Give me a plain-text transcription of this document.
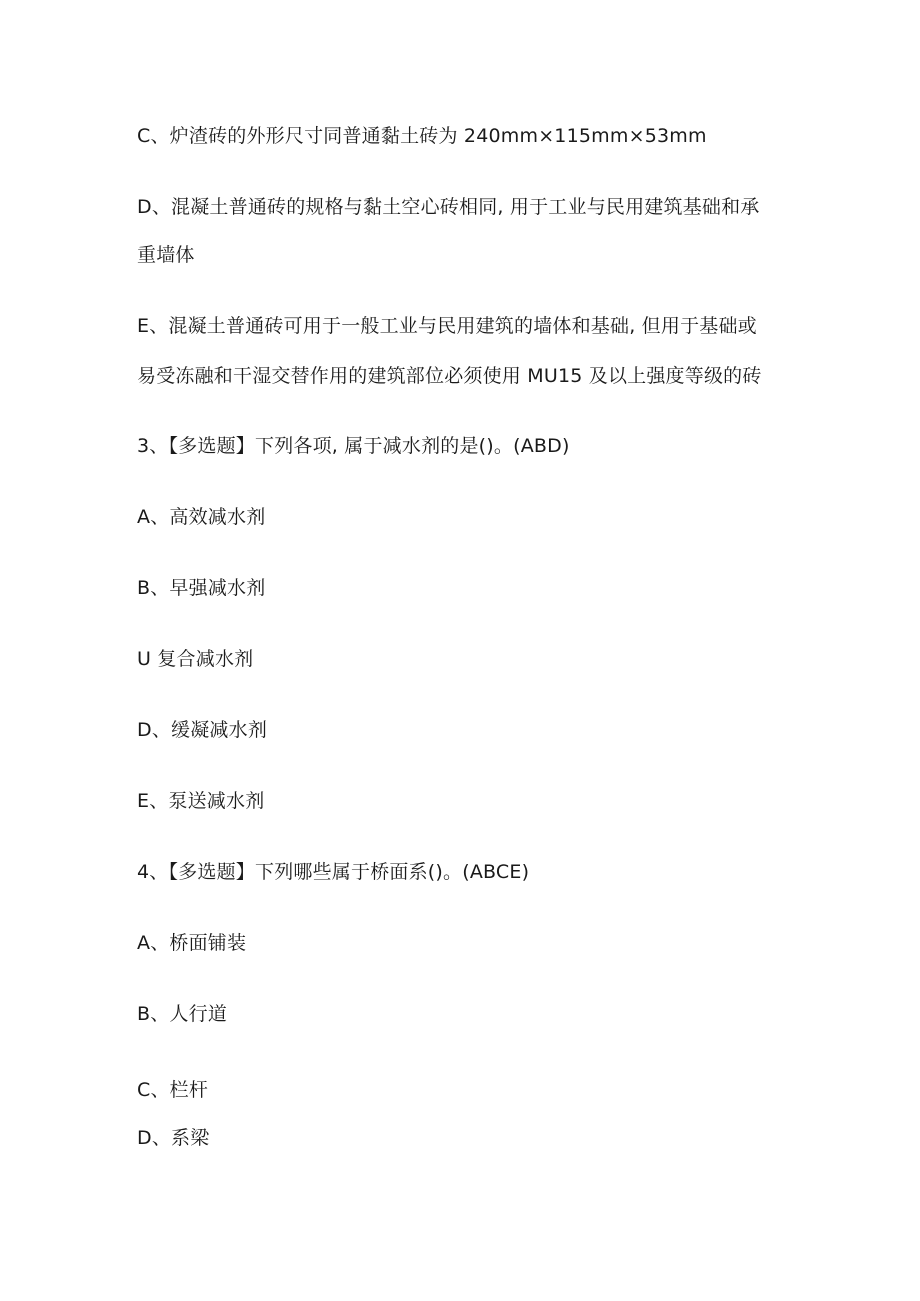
C、炉渣砖的外形尺寸同普通黏土砖为 240mm×115mm×53mm
D、混凝土普通砖的规格与黏土空心砖相同, 用于工业与民用建筑基础和承
重墙体
E、混凝土普通砖可用于一般工业与民用建筑的墙体和基础, 但用于基础或
易受冻融和干湿交替作用的建筑部位必须使用 MU15 及以上强度等级的砖
3、【多选题】下列各项, 属于减水剂的是()。(ABD)
A、高效减水剂
B、早强减水剂
U 复合减水剂
D、缓凝减水剂
E、泵送减水剂
4、【多选题】下列哪些属于桥面系()。(ABCE)
A、桥面铺装
B、人行道
C、栏杆
D、系梁
